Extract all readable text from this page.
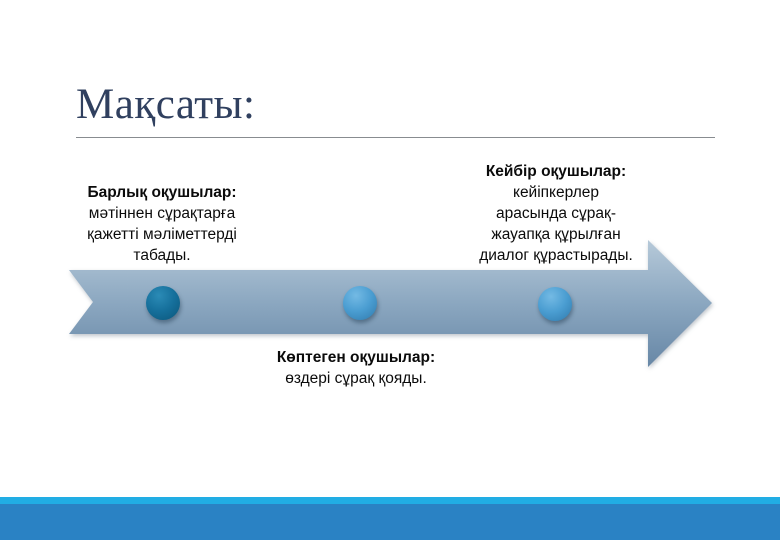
Мақсаты:
Барлық оқушылар:
мәтіннен сұрақтарға
қажетті мәліметтерді
табады.
Кейбір оқушылар:
кейіпкерлер
арасында сұрақ-
жауапқа құрылған
диалог құрастырады.
Көптеген оқушылар:
өздері сұрақ қояды.
